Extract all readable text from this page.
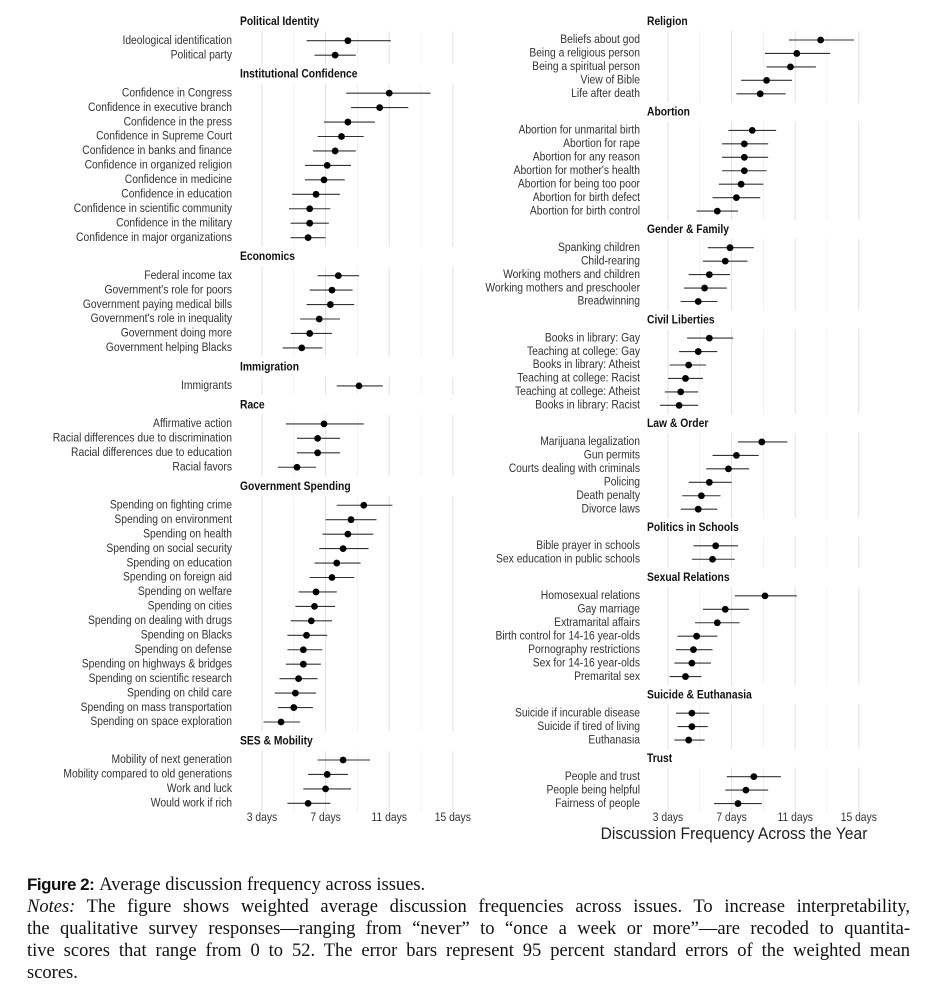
Political Identity
Ideological identification
Political party
Institutional Confidence
Confidence in Congress
Confidence in executive branch
Confidence in the press
Confidence in Supreme Court
Confidence in banks and finance
Confidence in organized religion
Confidence in medicine
Confidence in education
Confidence in scientific community
Confidence in the military
Confidence in major organizations
Economics
Federal income tax
Government's role for poors
Government paying medical bills
Government's role in inequality
Government doing more
Government helping Blacks
Immigration
Immigrants
Race
Affirmative action
Racial differences due to discrimination
Racial differences due to education
Racial favors
Government Spending
Spending on fighting crime
Spending on environment
Spending on health
Spending on social security
Spending on education
Spending on foreign aid
Spending on welfare
Spending on cities
Spending on dealing with drugs
Spending on Blacks
Spending on defense
Spending on highways & bridges
Spending on scientific research
Spending on child care
Spending on mass transportation
Spending on space exploration
SES & Mobility
Mobility of next generation
Mobility compared to old generations
Work and luck
Would work if rich
3 days	7 days	11 days 15 days
Religion
Beliefs about god
Being a religious person
Being a spiritual person
View of Bible
Life after death
Abortion
Abortion for unmarital birth
Abortion for rape
Abortion for any reason
Abortion for mother's health
Abortion for being too poor
Abortion for birth defect
Abortion for birth control
Gender & Family
Spanking children
Child-rearing
Working mothers and children
Working mothers and preschooler
Breadwinning
Civil Liberties
Books in library: Gay
Teaching at college: Gay
Books in library: Atheist
Teaching at college: Racist
Teaching at college: Atheist
Books in library: Racist
Law & Order
Marijuana legalization
Gun permits
Courts dealing with criminals
Policing
Death penalty
Divorce laws
Politics in Schools
Bible prayer in schools
Sex education in public schools
Sexual Relations
Homosexual relations
Gay marriage
Extramarital affairs
Birth control for 14-16 year-olds
Pornography restrictions
Sex for 14-16 year-olds
Premarital sex
Suicide & Euthanasia
Suicide if incurable disease
Suicide if tired of living
Euthanasia
Trust
People and trust
People being helpful
Fairness of people
3 days	7 days	11 days 15 days
Discussion Frequency Across the Year
Figure 2: Average discussion frequency across issues.
Notes: The figure shows weighted average discussion frequencies across issues. To increase interpretability,
the qualitative survey responses—ranging from “never” to “once a week or more”—are recoded to quantita-
tive scores that range from 0 to 52. The error bars represent 95 percent standard errors of the weighted mean
scores.
